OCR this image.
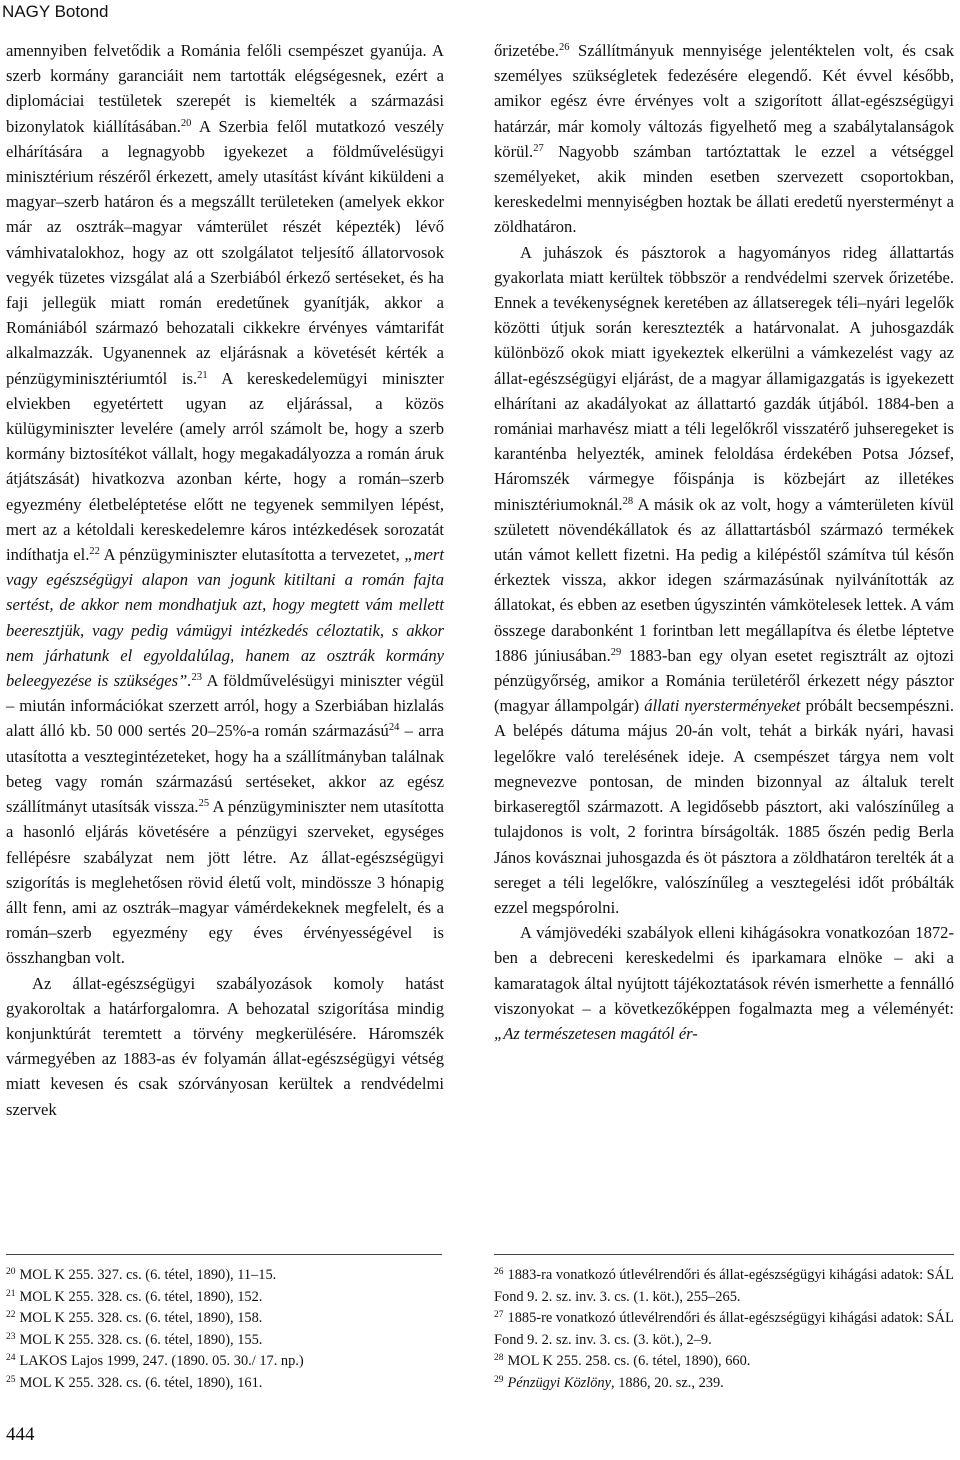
NAGY Botond

amennyiben felvetődik a Románia felőli csempészet gyanúja. A szerb kormány garanciáit nem tartották elégségesnek, ezért a diplomáciai testületek szerepét is kiemelték a származási bizonylatok kiállításában.$^{20}$ A Szerbia felől mutatkozó veszély elhárítására a legnagyobb igyekezet a földművelésügyi minisztérium részéről érkezett, amely utasítást kívánt kiküldeni a magyar–szerb határon és a megszállt területeken (amelyek ekkor már az osztrák–magyar vámterület részét képezték) lévő vámhivatalokhoz, hogy az ott szolgálatot teljesítő állatorvosok vegyék tüzetes vizsgálat alá a Szerbiából érkező sertéseket, és ha faji jellegük miatt román eredetűnek gyanítják, akkor a Romániából származó behozatali cikkekre érvényes vámtarifát alkalmazzák. Ugyanennek az eljárásnak a követését kérték a pénzügyminisztériumtól is.$^{21}$ A kereskedelemügyi miniszter elviekben egyetértett ugyan az eljárással, a közös külügyminiszter levelére (amely arról számolt be, hogy a szerb kormány biztosítékot vállalt, hogy megakadályozza a román áruk átjátszását) hivatkozva azonban kérte, hogy a román–szerb egyezmény életbeléptetése előtt ne tegyenek semmilyen lépést, mert az a kétoldali kereskedelemre káros intézkedések sorozatát indíthatja el.$^{22}$ A pénzügyminiszter elutasította a tervezetet, „mert vagy egészségügyi alapon van jogunk kitiltani a román fajta sertést, de akkor nem mondhatjuk azt, hogy megtett vám mellett beeresztjük, vagy pedig vámügyi intézkedés céloztatik, s akkor nem járhatunk el egyoldalúlag, hanem az osztrák kormány beleegyezése is szükséges”.$^{23}$ A földművelésügyi miniszter végül – miután információkat szerzett arról, hogy a Szerbiában hizlalás alatt álló kb. 50 000 sertés 20–25%-a román származású$^{24}$ – arra utasította a vesztegintézeteket, hogy ha a szállítmányban találnak beteg vagy román származású sertéseket, akkor az egész szállítmányt utasítsák vissza.$^{25}$ A pénzügyminiszter nem utasította a hasonló eljárás követésére a pénzügyi szerveket, egységes fellépésre szabályzat nem jött létre. Az állat-egészségügyi szigorítás is meglehetősen rövid életű volt, mindössze 3 hónapig állt fenn, ami az osztrák–magyar vámérdekeknek megfelelt, és a román–szerb egyezmény egy éves érvényességével is összhangban volt.

Az állat-egészségügyi szabályozások komoly hatást gyakoroltak a határforgalomra. A behozatal szigorítása mindig konjunktúrát teremtett a törvény megkerülésére. Háromszék vármegyében az 1883-as év folyamán állat-egészségügyi vétség miatt kevesen és csak szórványosan kerültek a rendvédelmi szervek

őrizetébe.$^{26}$ Szállítmányuk mennyisége jelentéktelen volt, és csak személyes szükségletek fedezésére elegendő. Két évvel később, amikor egész évre érvényes volt a szigorított állat-egészségügyi határzár, már komoly változás figyelhető meg a szabálytalanságok körül.$^{27}$ Nagyobb számban tartóztattak le ezzel a vétséggel személyeket, akik minden esetben szervezett csoportokban, kereskedelmi mennyiségben hoztak be állati eredetű nyersterményt a zöldhatáron.

A juhászok és pásztorok a hagyományos rideg állattartás gyakorlata miatt kerültek többször a rendvédelmi szervek őrizetébe. Ennek a tevékenységnek keretében az állatseregek téli–nyári legelők közötti útjuk során keresztezték a határvonalat. A juhosgazdák különböző okok miatt igyekeztek elkerülni a vámkezelést vagy az állat-egészségügyi eljárást, de a magyar államigazgatás is igyekezett elhárítani az akadályokat az állattartó gazdák útjából. 1884-ben a romániai marhavész miatt a téli legelőkről visszatérő juhseregeket is karanténba helyezték, aminek feloldása érdekében Potsa József, Háromszék vármegye főispánja is közbejárt az illetékes minisztériumoknál.$^{28}$ A másik ok az volt, hogy a vámterületen kívül született növendékállatok és az állattartásból származó termékek után vámot kellett fizetni. Ha pedig a kilépéstől számítva túl későn érkeztek vissza, akkor idegen származásúnak nyilvánították az állatokat, és ebben az esetben úgyszintén vámkötelesek lettek. A vám összege darabonként 1 forintban lett megállapítva és életbe léptetve 1886 júniusában.$^{29}$ 1883-ban egy olyan esetet regisztrált az ojtozi pénzügyőrség, amikor a Románia területéről érkezett négy pásztor (magyar állampolgár) állati nyersterményeket próbált becsempészni. A belépés dátuma május 20-án volt, tehát a birkák nyári, havasi legelőkre való terelésének ideje. A csempészet tárgya nem volt megnevezve pontosan, de minden bizonnyal az általuk terelt birkaseregtől származott. A legidősebb pásztort, aki valószínűleg a tulajdonos is volt, 2 forintra bírságolták. 1885 őszén pedig Berla János kovásznai juhosgazda és öt pásztora a zöldhatáron terelték át a sereget a téli legelőkre, valószínűleg a vesztegelési időt próbálták ezzel megspórolni.

A vámjövedéki szabályok elleni kihágásokra vonatkozóan 1872-ben a debreceni kereskedelmi és iparkamara elnöke – aki a kamaratagok által nyújtott tájékoztatások révén ismerhette a fennálló viszonyokat – a következőképpen fogalmazta meg a véleményét: „Az természetesen magától ér-

$^{20}$ MOL K 255. 327. cs. (6. tétel, 1890), 11–15.

$^{21}$ MOL K 255. 328. cs. (6. tétel, 1890), 152.

$^{22}$ MOL K 255. 328. cs. (6. tétel, 1890), 158.

$^{23}$ MOL K 255. 328. cs. (6. tétel, 1890), 155.

$^{24}$ LAKOS Lajos 1999, 247. (1890. 05. 30./ 17. np.)

$^{25}$ MOL K 255. 328. cs. (6. tétel, 1890), 161.

$^{26}$ 1883-ra vonatkozó útlevélrendőri és állat-egészségügyi kihágási adatok: SÁL Fond 9. 2. sz. inv. 3. cs. (1. köt.), 255–265.

$^{27}$ 1885-re vonatkozó útlevélrendőri és állat-egészségügyi kihágási adatok: SÁL Fond 9. 2. sz. inv. 3. cs. (3. köt.), 2–9.

$^{28}$ MOL K 255. 258. cs. (6. tétel, 1890), 660.

$^{29}$ Pénzügyi Közlöny, 1886, 20. sz., 239.

444
